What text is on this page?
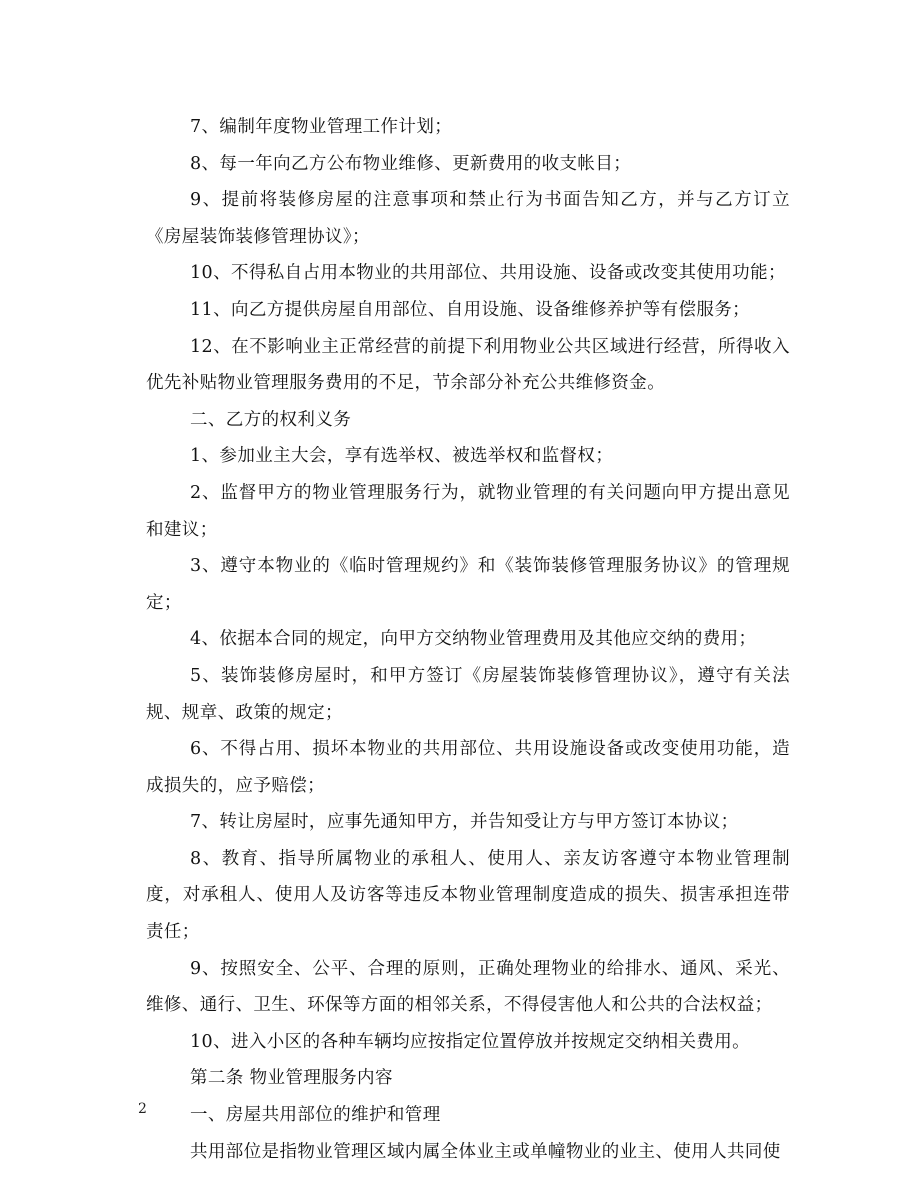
7、编制年度物业管理工作计划；

8、每一年向乙方公布物业维修、更新费用的收支帐目；

9、提前将装修房屋的注意事项和禁止行为书面告知乙方，并与乙方订立《房屋装饰装修管理协议》；

10、不得私自占用本物业的共用部位、共用设施、设备或改变其使用功能；

11、向乙方提供房屋自用部位、自用设施、设备维修养护等有偿服务；

12、在不影响业主正常经营的前提下利用物业公共区域进行经营，所得收入优先补贴物业管理服务费用的不足，节余部分补充公共维修资金。

二、乙方的权利义务

1、参加业主大会，享有选举权、被选举权和监督权；

2、监督甲方的物业管理服务行为，就物业管理的有关问题向甲方提出意见和建议；

3、遵守本物业的《临时管理规约》和《装饰装修管理服务协议》的管理规定；

4、依据本合同的规定，向甲方交纳物业管理费用及其他应交纳的费用；

5、装饰装修房屋时，和甲方签订《房屋装饰装修管理协议》，遵守有关法规、规章、政策的规定；

6、不得占用、损坏本物业的共用部位、共用设施设备或改变使用功能，造成损失的，应予赔偿；

7、转让房屋时，应事先通知甲方，并告知受让方与甲方签订本协议；

8、教育、指导所属物业的承租人、使用人、亲友访客遵守本物业管理制度，对承租人、使用人及访客等违反本物业管理制度造成的损失、损害承担连带责任；

9、按照安全、公平、合理的原则，正确处理物业的给排水、通风、采光、维修、通行、卫生、环保等方面的相邻关系，不得侵害他人和公共的合法权益；

10、进入小区的各种车辆均应按指定位置停放并按规定交纳相关费用。

第二条 物业管理服务内容

一、房屋共用部位的维护和管理

共用部位是指物业管理区域内属全体业主或单幢物业的业主、使用人共同使

2
